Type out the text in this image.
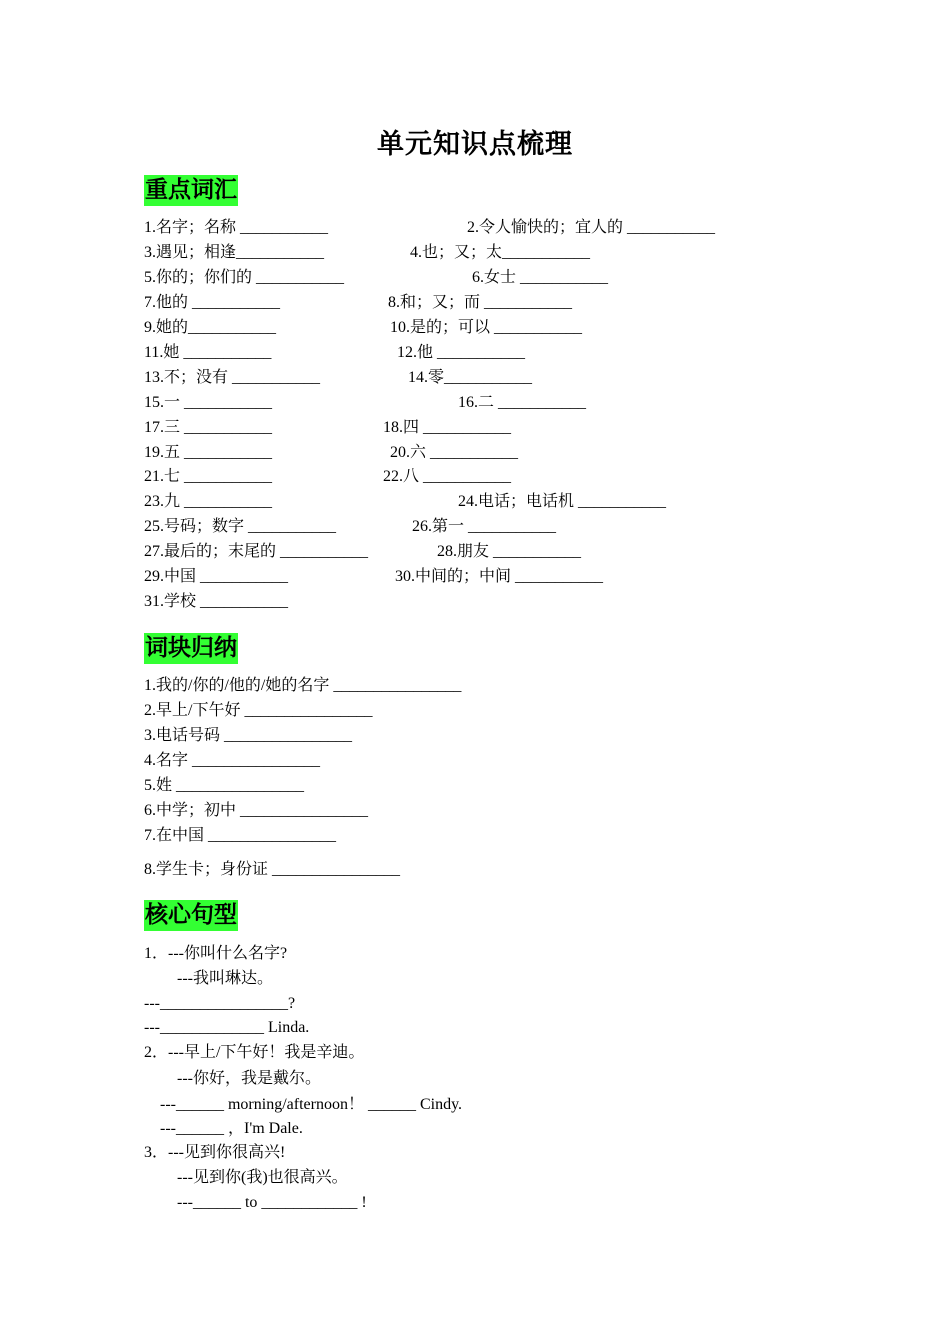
单元知识点梳理
重点词汇
1.名字；名称 ___________	2.令人愉快的；宜人的 ___________
3.遇见；相逢___________	4.也；又；太___________
5.你的；你们的 ___________	6.女士 ___________
7.他的 ___________	8.和；又；而 ___________
9.她的___________	10.是的；可以 ___________
11.她 ___________	12.他 ___________
13.不；没有 ___________	14.零___________
15.一 ___________	16.二 ___________
17.三 ___________	18.四 ___________
19.五 ___________	20.六 ___________
21.七 ___________	22.八 ___________
23.九 ___________	24.电话；电话机 ___________
25.号码；数字 ___________	26.第一 ___________
27.最后的；末尾的 ___________	28.朋友 ___________
29.中国 ___________	30.中间的；中间 ___________
31.学校 ___________
词块归纳
1.我的/你的/他的/她的名字 ________________
2.早上/下午好 ________________
3.电话号码 ________________
4.名字 ________________
5.姓 ________________
6.中学；初中 ________________
7.在中国 ________________
8.学生卡；身份证 ________________
核心句型
1．---你叫什么名字?
---我叫琳达。
---________________?
---_____________ Linda.
2．---早上/下午好！我是辛迪。
---你好，我是戴尔。
---______ morning/afternoon！ ______ Cindy.
---______ ，I'm Dale.
3．---见到你很高兴!
---见到你(我)也很高兴。
---______ to ____________ !
